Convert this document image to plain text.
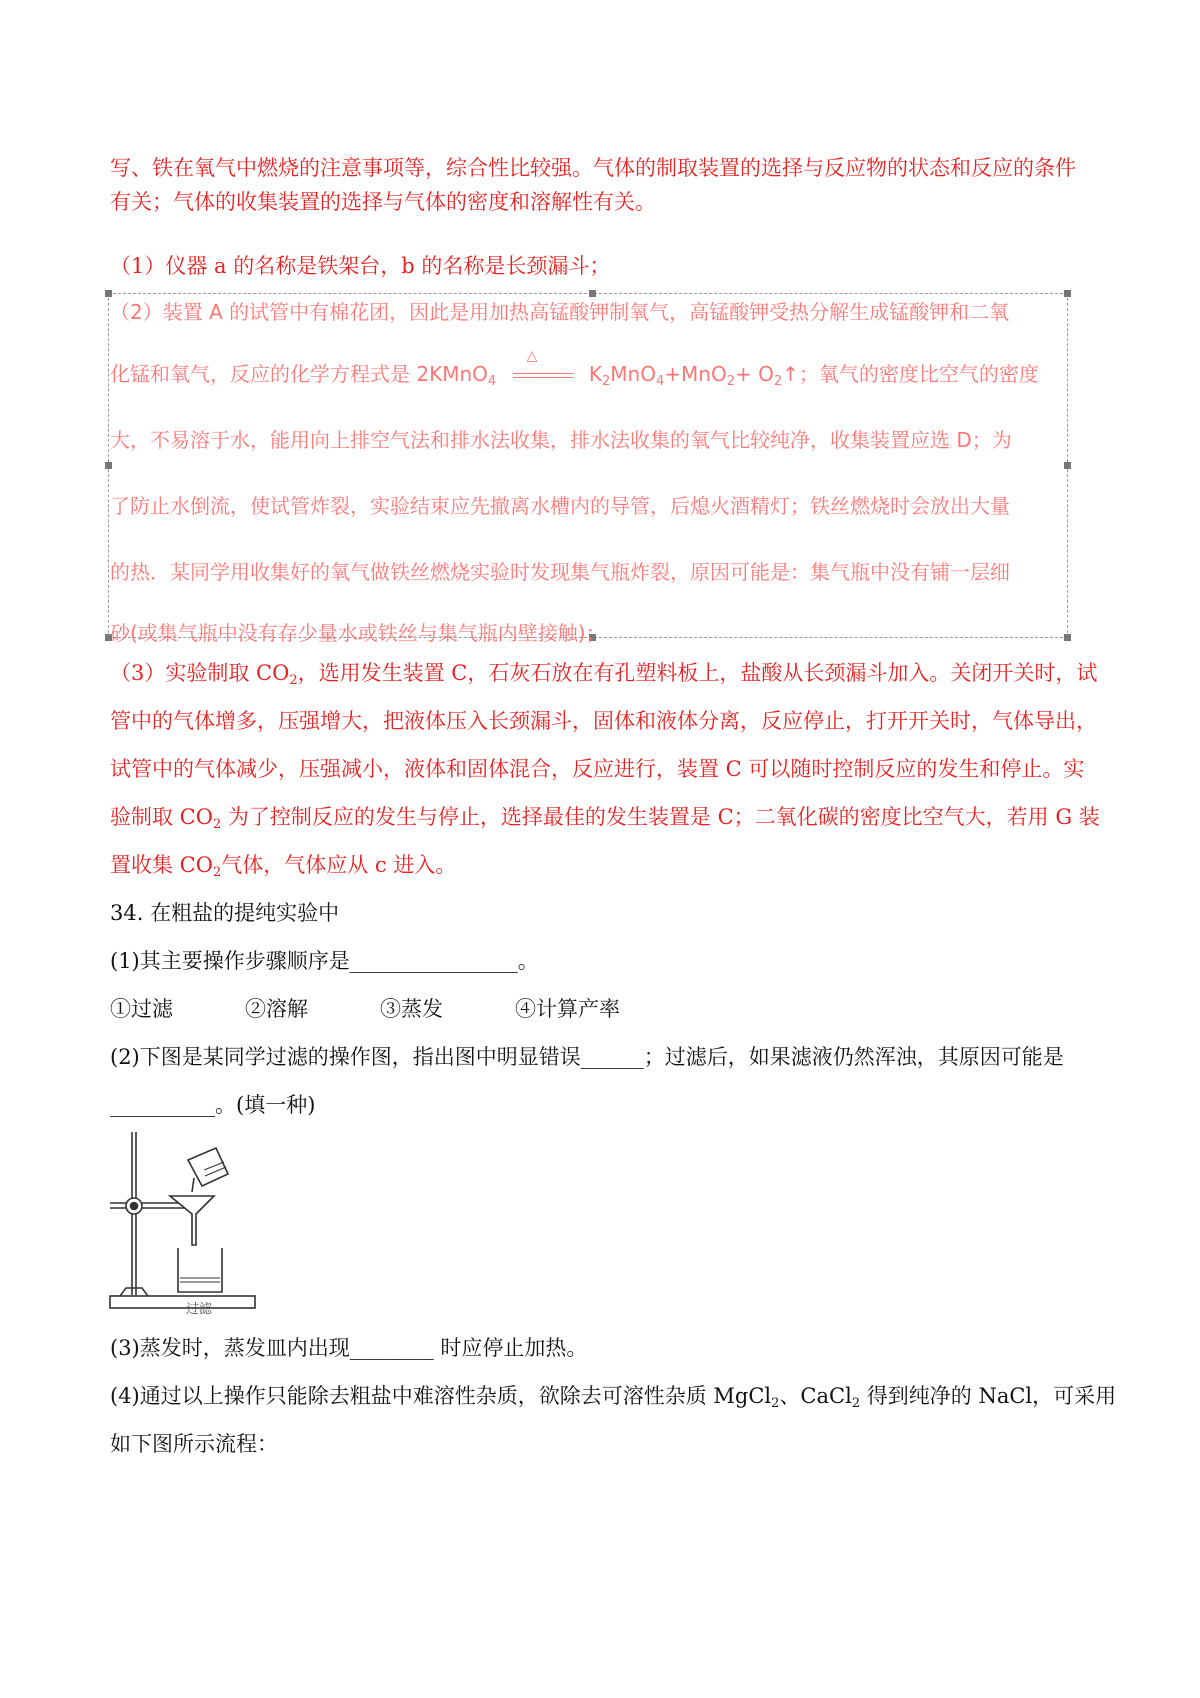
写、铁在氧气中燃烧的注意事项等，综合性比较强。气体的制取装置的选择与反应物的状态和反应的条件
有关；气体的收集装置的选择与气体的密度和溶解性有关。
（1）仪器 a 的名称是铁架台，b 的名称是长颈漏斗；
（2）装置 A 的试管中有棉花团，因此是用加热高锰酸钾制氧气，高锰酸钾受热分解生成锰酸钾和二氧
化锰和氧气，反应的化学方程式是 2KMnO$_4$
△
$K_2MnO_4+MnO_2+$ $O_2↑$；氧气的密度比空气的密度
大，不易溶于水，能用向上排空气法和排水法收集，排水法收集的氧气比较纯净，收集装置应选 D；为
了防止水倒流，使试管炸裂，实验结束应先撤离水槽内的导管，后熄火酒精灯；铁丝燃烧时会放出大量
的热．某同学用收集好的氧气做铁丝燃烧实验时发现集气瓶炸裂，原因可能是：集气瓶中没有铺一层细
砂(或集气瓶中没有存少量水或铁丝与集气瓶内壁接触)；
（3）实验制取 $CO_2$，选用发生装置 C，石灰石放在有孔塑料板上，盐酸从长颈漏斗加入。关闭开关时，试
管中的气体增多，压强增大，把液体压入长颈漏斗，固体和液体分离，反应停止，打开开关时，气体导出，
试管中的气体减少，压强减小，液体和固体混合，反应进行，装置 C 可以随时控制反应的发生和停止。实
验制取 $CO_2$ 为了控制反应的发生与停止，选择最佳的发生装置是 C；二氧化碳的密度比空气大，若用 G 装
置收集 $CO_2$气体，气体应从 c 进入。
34. 在粗盐的提纯实验中
(1)其主要操作步骤顺序是________________。
①过滤	②溶解	③蒸发	④计算产率
(2)下图是某同学过滤的操作图，指出图中明显错误______；过滤后，如果滤液仍然浑浊，其原因可能是
__________。(填一种)
过滤
(3)蒸发时，蒸发皿内出现________ 时应停止加热。
(4)通过以上操作只能除去粗盐中难溶性杂质，欲除去可溶性杂质 MgCl$_2$、CaCl$_2$ 得到纯净的 NaCl，可采用
如下图所示流程：
